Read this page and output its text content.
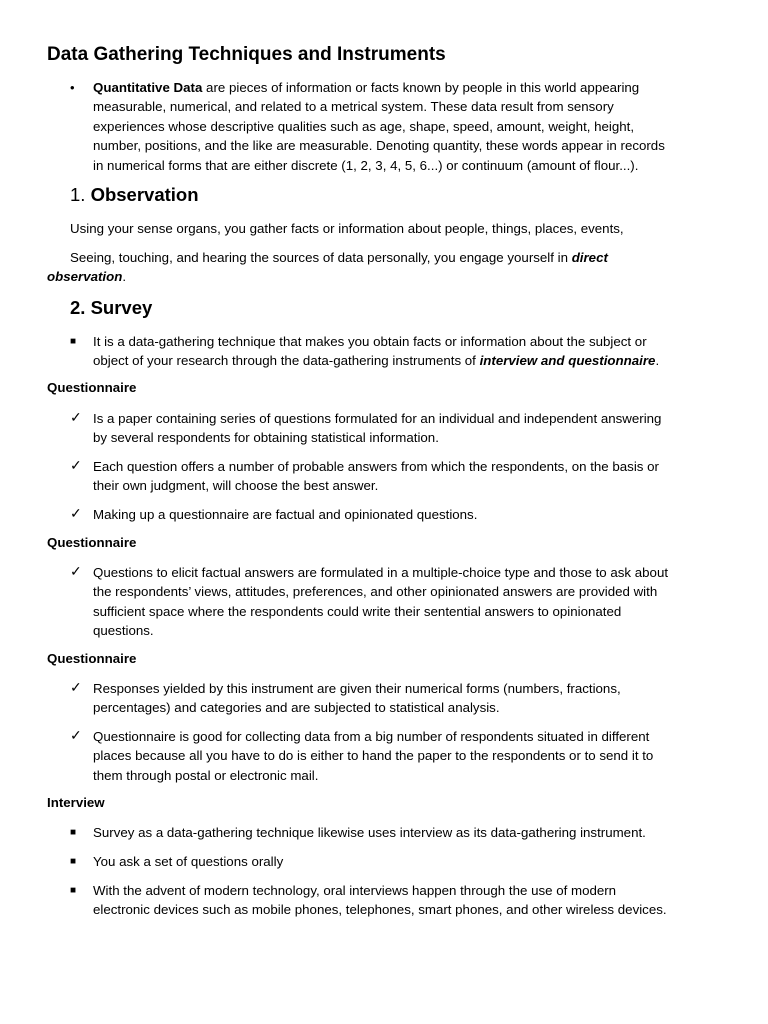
Data Gathering Techniques and Instruments
• Quantitative Data are pieces of information or facts known by people in this world appearing
measurable, numerical, and related to a metrical system. These data result from sensory
experiences whose descriptive qualities such as age, shape, speed, amount, weight, height,
number, positions, and the like are measurable. Denoting quantity, these words appear in records
in numerical forms that are either discrete (1, 2, 3, 4, 5, 6...) or continuum (amount of flour...).
1. Observation
Using your sense organs, you gather facts or information about people, things, places, events,
Seeing, touching, and hearing the sources of data personally, you engage yourself in direct
observation.
2. Survey
■ It is a data-gathering technique that makes you obtain facts or information about the subject or
object of your research through the data-gathering instruments of interview and questionnaire.
Questionnaire
✓ Is a paper containing series of questions formulated for an individual and independent answering
by several respondents for obtaining statistical information.
✓ Each question offers a number of probable answers from which the respondents, on the basis or
their own judgment, will choose the best answer.
✓ Making up a questionnaire are factual and opinionated questions.
Questionnaire
✓ Questions to elicit factual answers are formulated in a multiple-choice type and those to ask about
the respondents’ views, attitudes, preferences, and other opinionated answers are provided with
sufficient space where the respondents could write their sentential answers to opinionated
questions.
Questionnaire
✓ Responses yielded by this instrument are given their numerical forms (numbers, fractions,
percentages) and categories and are subjected to statistical analysis.
✓ Questionnaire is good for collecting data from a big number of respondents situated in different
places because all you have to do is either to hand the paper to the respondents or to send it to
them through postal or electronic mail.
Interview
■ Survey as a data-gathering technique likewise uses interview as its data-gathering instrument.
■ You ask a set of questions orally
■ With the advent of modern technology, oral interviews happen through the use of modern
electronic devices such as mobile phones, telephones, smart phones, and other wireless devices.
